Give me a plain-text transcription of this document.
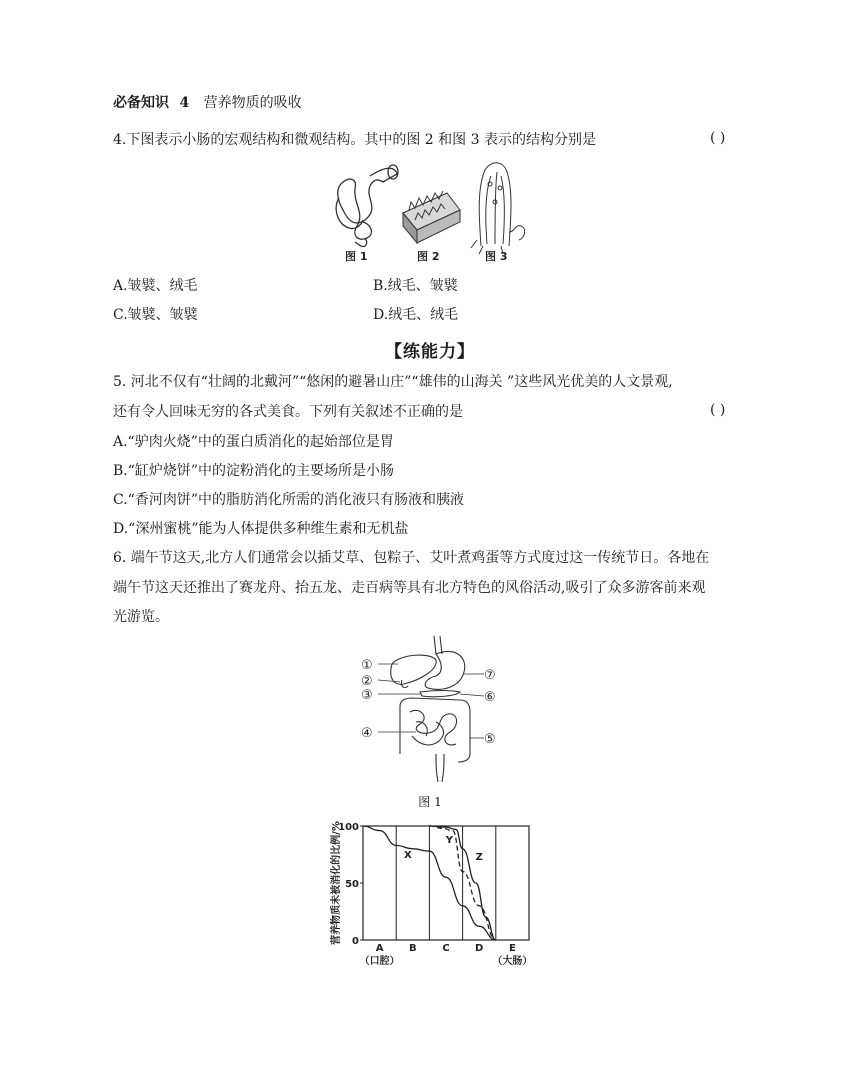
必备知识 4 营养物质的吸收
4.下图表示小肠的宏观结构和微观结构。其中的图 2 和图 3 表示的结构分别是	( )
图 1	图 2	图 3
A.皱襞、绒毛	B.绒毛、皱襞
C.皱襞、皱襞	D.绒毛、绒毛
【练能力】
5. 河北不仅有“壮阔的北戴河”“悠闲的避暑山庄”“雄伟的山海关 ”这些风光优美的人文景观,
还有令人回味无穷的各式美食。下列有关叙述不正确的是	( )
A.“驴肉火烧”中的蛋白质消化的起始部位是胃
B.“缸炉烧饼”中的淀粉消化的主要场所是小肠
C.“香河肉饼”中的脂肪消化所需的消化液只有肠液和胰液
D.“深州蜜桃”能为人体提供多种维生素和无机盐
6. 端午节这天,北方人们通常会以插艾草、包粽子、艾叶煮鸡蛋等方式度过这一传统节日。各地在
端午节这天还推出了赛龙舟、抬五龙、走百病等具有北方特色的风俗活动,吸引了众多游客前来观
光游览。
①
②
③
④	⑤
⑥
⑦
图 1
0
50
100
营养物质未被消化的比例/%
A
（口腔）
B	C	D	E
（大肠）
X
Y
Z
